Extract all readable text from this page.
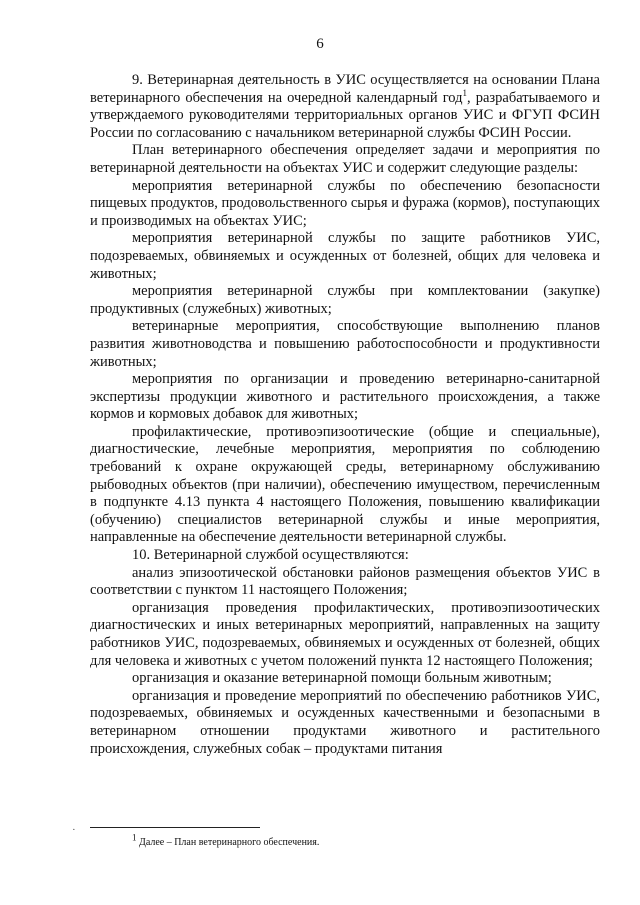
6

9. Ветеринарная деятельность в УИС осуществляется на основании Плана ветеринарного обеспечения на очередной календарный год$^1$, разрабатываемого и утверждаемого руководителями территориальных органов УИС и ФГУП ФСИН России по согласованию с начальником ветеринарной службы ФСИН России.

План ветеринарного обеспечения определяет задачи и мероприятия по ветеринарной деятельности на объектах УИС и содержит следующие разделы:

мероприятия ветеринарной службы по обеспечению безопасности пищевых продуктов, продовольственного сырья и фуража (кормов), поступающих и производимых на объектах УИС;

мероприятия ветеринарной службы по защите работников УИС, подозреваемых, обвиняемых и осужденных от болезней, общих для человека и животных;

мероприятия ветеринарной службы при комплектовании (закупке) продуктивных (служебных) животных;

ветеринарные мероприятия, способствующие выполнению планов развития животноводства и повышению работоспособности и продуктивности животных;

мероприятия по организации и проведению ветеринарно-санитарной экспертизы продукции животного и растительного происхождения, а также кормов и кормовых добавок для животных;

профилактические, противоэпизоотические (общие и специальные), диагностические, лечебные мероприятия, мероприятия по соблюдению требований к охране окружающей среды, ветеринарному обслуживанию рыбоводных объектов (при наличии), обеспечению имуществом, перечисленным в подпункте 4.13 пункта 4 настоящего Положения, повышению квалификации (обучению) специалистов ветеринарной службы и иные мероприятия, направленные на обеспечение деятельности ветеринарной службы.

10. Ветеринарной службой осуществляются:

анализ эпизоотической обстановки районов размещения объектов УИС в соответствии с пунктом 11 настоящего Положения;

организация проведения профилактических, противоэпизоотических диагностических и иных ветеринарных мероприятий, направленных на защиту работников УИС, подозреваемых, обвиняемых и осужденных от болезней, общих для человека и животных с учетом положений пункта 12 настоящего Положения;

организация и оказание ветеринарной помощи больным животным;

организация и проведение мероприятий по обеспечению работников УИС, подозреваемых, обвиняемых и осужденных качественными и безопасными в ветеринарном отношении продуктами животного и растительного происхождения, служебных собак – продуктами питания

·
$^1$ Далее – План ветеринарного обеспечения.
